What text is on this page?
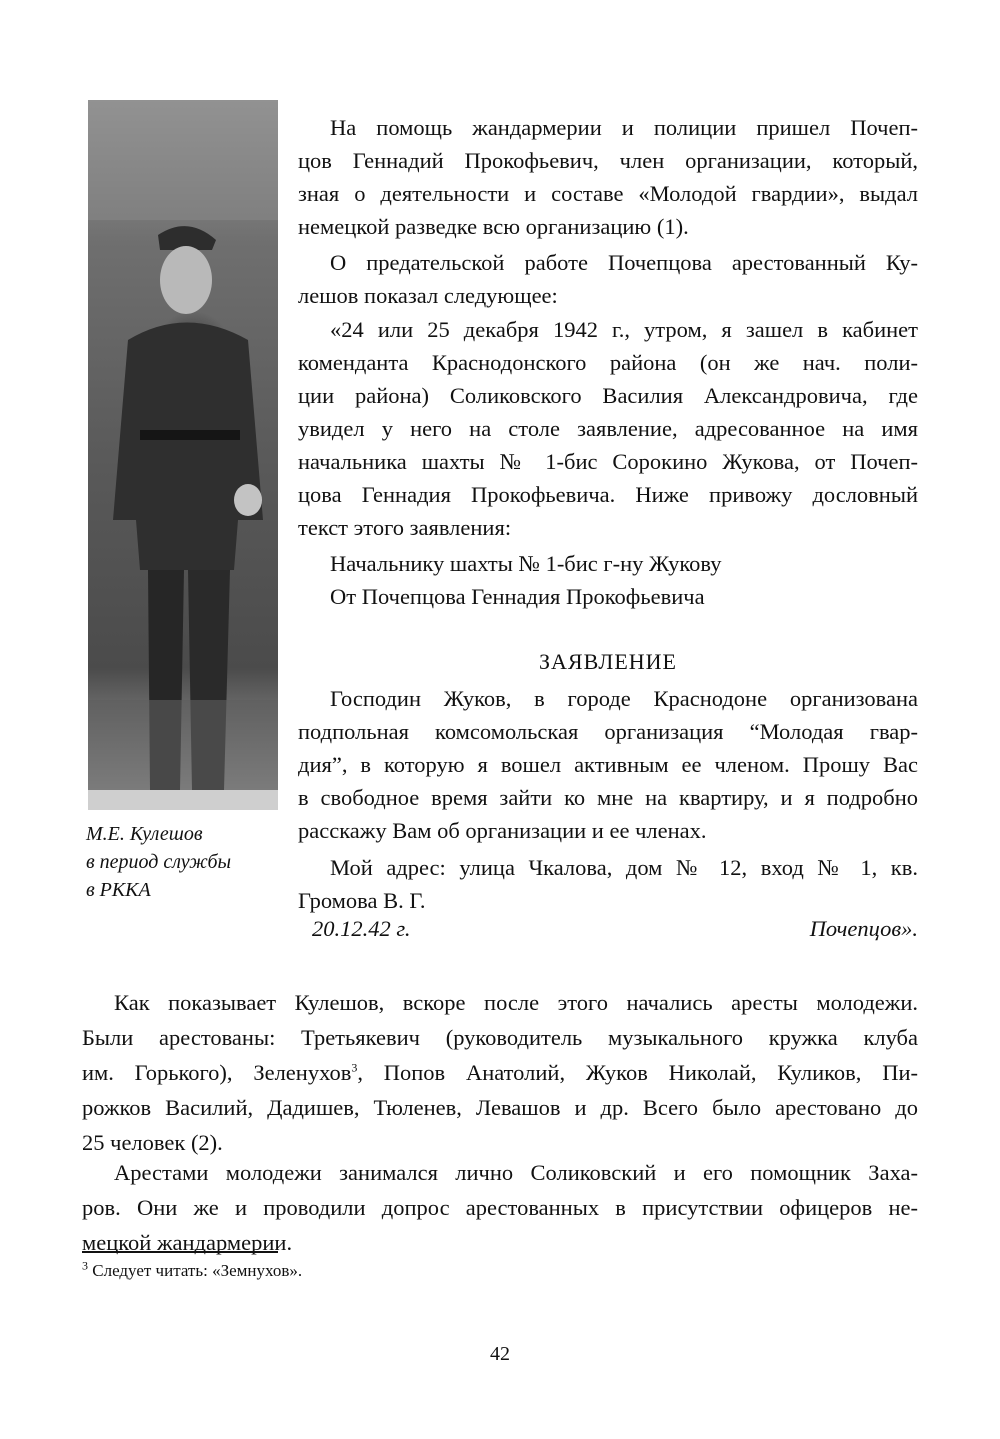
М.Е. Кулешов
в период службы
в РККА
На помощь жандармерии и полиции пришел Почеп-
цов Геннадий Прокофьевич, член организации, который,
зная о деятельности и составе «Молодой гвардии», выдал
немецкой разведке всю организацию (1).
О предательской работе Почепцова арестованный Ку-
лешов показал следующее:
«24 или 25 декабря 1942 г., утром, я зашел в кабинет
коменданта Краснодонского района (он же нач. поли-
ции района) Соликовского Василия Александровича, где
увидел у него на столе заявление, адресованное на имя
начальника шахты № 1-бис Сорокино Жукова, от Почеп-
цова Геннадия Прокофьевича. Ниже привожу дословный
текст этого заявления:
Начальнику шахты № 1-бис г-ну Жукову
От Почепцова Геннадия Прокофьевича
ЗАЯВЛЕНИЕ
Господин Жуков, в городе Краснодоне организована
подпольная комсомольская организация “Молодая гвар-
дия”, в которую я вошел активным ее членом. Прошу Вас
в свободное время зайти ко мне на квартиру, и я подробно
расскажу Вам об организации и ее членах.
Мой адрес: улица Чкалова, дом № 12, вход № 1, кв.
Громова В. Г.
20.12.42 г.	Почепцов».
Как показывает Кулешов, вскоре после этого начались аресты молодежи.
Были арестованы: Третьякевич (руководитель музыкального кружка клуба
им. Горького), Зеленухов$^3$, Попов Анатолий, Жуков Николай, Куликов, Пи-
рожков Василий, Дадишев, Тюленев, Левашов и др. Всего было арестовано до
25 человек (2).
Арестами молодежи занимался лично Соликовский и его помощник Заха-
ров. Они же и проводили допрос арестованных в присутствии офицеров не-
мецкой жандармерии.
$^3$ Следует читать: «Земнухов».
42
